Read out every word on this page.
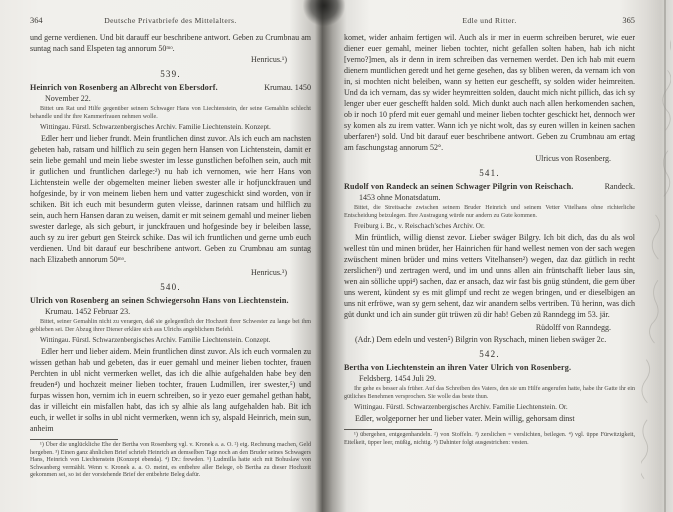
364	Deutsche Privatbriefe des Mittelalters.
und gerne verdienen. Und bit darauff eur beschribene antwort. Geben zu Crumbnau am suntag nach sand Elspeten tag annorum 50ᵐᵒ.
Henricus.¹)
539.
Heinrich von Rosenberg an Albrecht von Ebersdorf.	Krumau. 1450
November 22.
Bittet um Rat und Hilfe gegenüber seinem Schwager Hans von Liechtenstein, der seine Gemahlin schlecht behandle und ihr ihre Kammerfrauen nehmen wolle.
Wittingau. Fürstl. Schwarzenbergisches Archiv. Familie Liechtenstein. Konzept.
Edler herr und lieber frundt. Mein fruntlichen dinst zuvor. Als ich euch am nachsten gebeten hab, ratsam und hilflich zu sein gegen hern Hansen von Lichtenstein, damit er sein liebe gemahl und mein liebe swester im lesse gunstlichen befolhen sein, auch mit ir gutlichen und fruntlichen darlege:²) nu hab ich vernomen, wie herr Hans von Lichtenstein welle der obgemelten meiner lieben swester alle ir hofjunckfrauen und hofgesinde, by ir von meinem lieben hern und vatter zugeschickt sind worden, von ir schiken. Bit ich euch mit besunderm guten vleisse, darinnen ratsam und hilflich zu sein, auch hern Hansen daran zu weisen, damit er mit seinem gemahl und meiner lieben swester darlege, als sich geburt, ir junckfrauen und hofgesinde bey ir beleiben lasse, auch sy zu irer geburt gen Steirck schike. Das wil ich fruntlichen und gerne umb euch verdienen. Und bit darauf eur beschribene antwort. Geben zu Crumbnau am suntag nach Elizabeth annorum 50ᵐᵒ.
Henricus.³)
540.
Ulrich von Rosenberg an seinen Schwiegersohn Hans von Liechtenstein.
Krumau. 1452 Februar 23.
Bittet, seiner Gemahlin nicht zu verargen, daß sie gelegentlich der Hochzeit ihrer Schwester zu lange bei ihm geblieben sei. Der Abzug ihrer Diener erkläre sich aus Ulrichs angeblichem Befehl.
Wittingau. Fürstl. Schwarzenbergisches Archiv. Familie Liechtenstein. Conzept.
Edler herr und lieber aidem. Mein fruntlichen dinst zuvor. Als ich euch vormalen zu wissen gethan hab und gebeten, das ir euer gemahl und meiner lieben tochter, frauen Perchten in ubl nicht vermerken wellet, das ich die alhie aufgehalden habe bey den freuden⁴) und hochzeit meiner lieben tochter, frauen Ludmillen, irer swester,⁵) und furpas wissen hon, vernim ich in euern schreiben, so ir yezo euer gemahel gethan habt, das ir villeicht ein misfallen habt, das ich sy alhie als lang aufgehalden hab. Bit ich euch, ir wellet ir solhs in ubl nicht vermerken, wenn ich sy, alspald Heinrich, mein sun, anheim
¹) Über die unglückliche Ehe der Bertha von Rosenberg vgl. v. Kronek a. a. O. ²) eig. Rechnung machen, Geld hergeben. ³) Einen ganz ähnlichen Brief schrieb Heinrich an demselben Tage noch an den Bruder seines Schwagers Hans, Heinrich von Liechtenstein (Konzept ebenda). ⁴) Dr.: frewden. ⁵) Ludmilla hatte sich mit Bohuslaw von Schwanberg vermählt. Wenn v. Kronek a. a. O. meint, es entbehre aller Belege, ob Bertha zu dieser Hochzeit gekommen sei, so ist der vorstehende Brief der entbehrte Beleg dafür.
Edle und Ritter.	365
komet, wider anhaim fertigen wil. Auch als ir mer in euerm schreiben beruret, wie euer diener euer gemahl, meiner lieben tochter, nicht gefallen solten haben, hab ich nicht [verno?]men, als ir denn in irem schreiben das vernemen werdet. Den ich hab mit euern dienern muntlichen geredt und het gerne gesehen, das sy bliben weren, da vernam ich von in, si mochten nicht beleiben, wann sy hetten eur geschefft, sy solden wider heimreiten. Und da ich vernam, das sy wider heymreitten solden, daucht mich nicht pillich, das ich sy lenger uber euer geschefft halden sold. Mich dunkt auch nach allen herkomenden sachen, ob ir noch 10 pferd mit euer gemahl und meiner lieben tochter geschickt het, dennoch wer sy komen als zu irem vatter. Wann ich ye nicht wolt, das sy euren willen in keinen sachen uberfaren¹) sold. Und bit darauf euer beschribene antwort. Geben zu Crumbnau am ertag am faschungstag annorum 52°.
Ulricus von Rosenberg.
541.
Rudolf von Randeck an seinen Schwager Pilgrin von Reischach.	Randeck.
1453 ohne Monatsdatum.
Bittet, die Streitsache zwischen seinem Bruder Heinrich und seinem Vetter Vitelhans ohne richterliche Entscheidung beizulegen. Ihre Austragung würde nur andern zu Gute kommen.
Freiburg i. Br., v. Reischach'sches Archiv. Or.
Min früntlich, willig dienst zevor. Lieber swäger Bilgry. Ich bit dich, das du als wol wellest tün und minen brüder, her Hainrichen für hand wellest nemen von der sach wegen zwüschent minen brüder und mins vetters Vitelhansen²) wegen, daz daz gütlich in recht zerslichen³) und zertragen werd, und im und unns allen ain früntschafft lieber laus sin, wen ain sölliche uppi⁴) sachen, daz er ansach, daz wir fast bis gnüg stündent, die gern über uns werent, kündent sy es mit glimpf und recht ze wegen bringen, und er dieselbigen an uns nit erfröwe, wan sy gern sehent, daz wir anandern selbs vertriben. Tü herinn, was dich güt dunkt und ich ain sunder güt trüwen zü dir hab! Geben zü Ranndegg im 53. jär.
Rüdolff von Ranndegg.
(Adr.) Dem edeln und vesten⁵) Bilgrin von Ryschach, minen lieben swäger 2c.
542.
Bertha von Liechtenstein an ihren Vater Ulrich von Rosenberg.
Feldsberg. 1454 Juli 29.
Ihr gehe es besser als früher. Auf das Schreiben des Vaters, den sie um Hilfe angerufen hatte, habe ihr Gatte ihr ein gütliches Benehmen versprochen. Sie wolle das beste thun.
Wittingau. Fürstl. Schwarzenbergisches Archiv. Familie Liechtenstein. Or.
Edler, wolgeporner her und lieber vater. Mein willig, gehorsam dinst
¹) übergehen, entgegenhandeln. ²) von Stoffeln. ³) zerslichen = verslichten, beilegen. ⁴) vgl. üppe Fürwitzigkeit, Eitelkeit, üpper leer, müßig, nichtig. ⁵) Dahinter folgt ausgestrichen: vesten.
